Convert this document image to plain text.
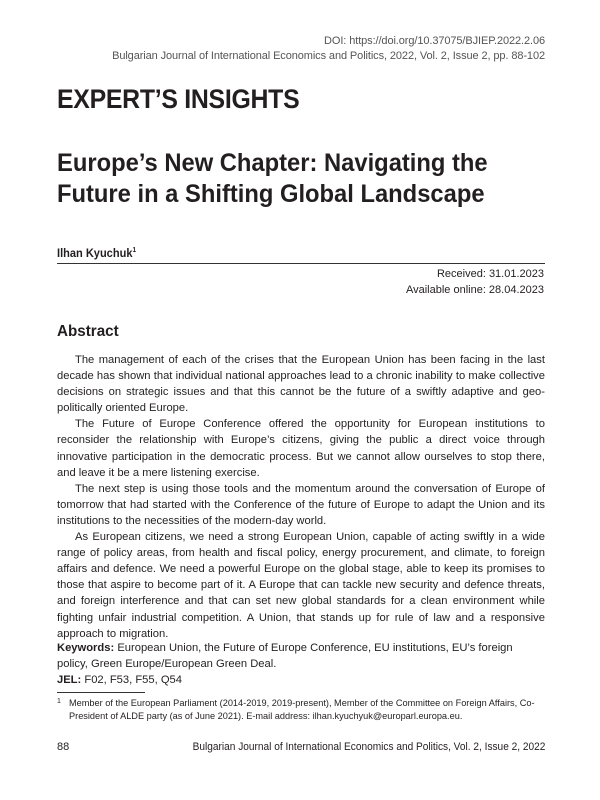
DOI: https://doi.org/10.37075/BJIEP.2022.2.06
Bulgarian Journal of International Economics and Politics, 2022, Vol. 2, Issue 2, pp. 88-102
EXPERT’S INSIGHTS
Europe’s New Chapter: Navigating the
Future in a Shifting Global Landscape
Ilhan Kyuchuk$^1$
Received: 31.01.2023
Available online: 28.04.2023
Abstract

The management of each of the crises that the European Union has been facing in the last decade has shown that individual national approaches lead to a chronic inability to make collective decisions on strategic issues and that this cannot be the future of a swiftly adaptive and geo-politically oriented Europe.

The Future of Europe Conference offered the opportunity for European institutions to reconsider the relationship with Europe’s citizens, giving the public a direct voice through innovative participation in the democratic process. But we cannot allow ourselves to stop there, and leave it be a mere listening exercise.

The next step is using those tools and the momentum around the conversation of Europe of tomorrow that had started with the Conference of the future of Europe to adapt the Union and its institutions to the necessities of the modern-day world.

As European citizens, we need a strong European Union, capable of acting swiftly in a wide range of policy areas, from health and fiscal policy, energy procurement, and climate, to foreign affairs and defence. We need a powerful Europe on the global stage, able to keep its promises to those that aspire to become part of it. A Europe that can tackle new security and defence threats, and foreign interference and that can set new global standards for a clean environment while fighting unfair industrial competition. A Union, that stands up for rule of law and a responsive approach to migration.

Keywords: European Union, the Future of Europe Conference, EU institutions, EU’s foreign policy, Green Europe/European Green Deal.
JEL: F02, F53, F55, Q54
1 Member of the European Parliament (2014-2019, 2019-present), Member of the Committee on Foreign Affairs, Co-President of ALDE party (as of June 2021). E-mail address: ilhan.kyuchyuk@europarl.europa.eu.
88	Bulgarian Journal of International Economics and Politics, Vol. 2, Issue 2, 2022
